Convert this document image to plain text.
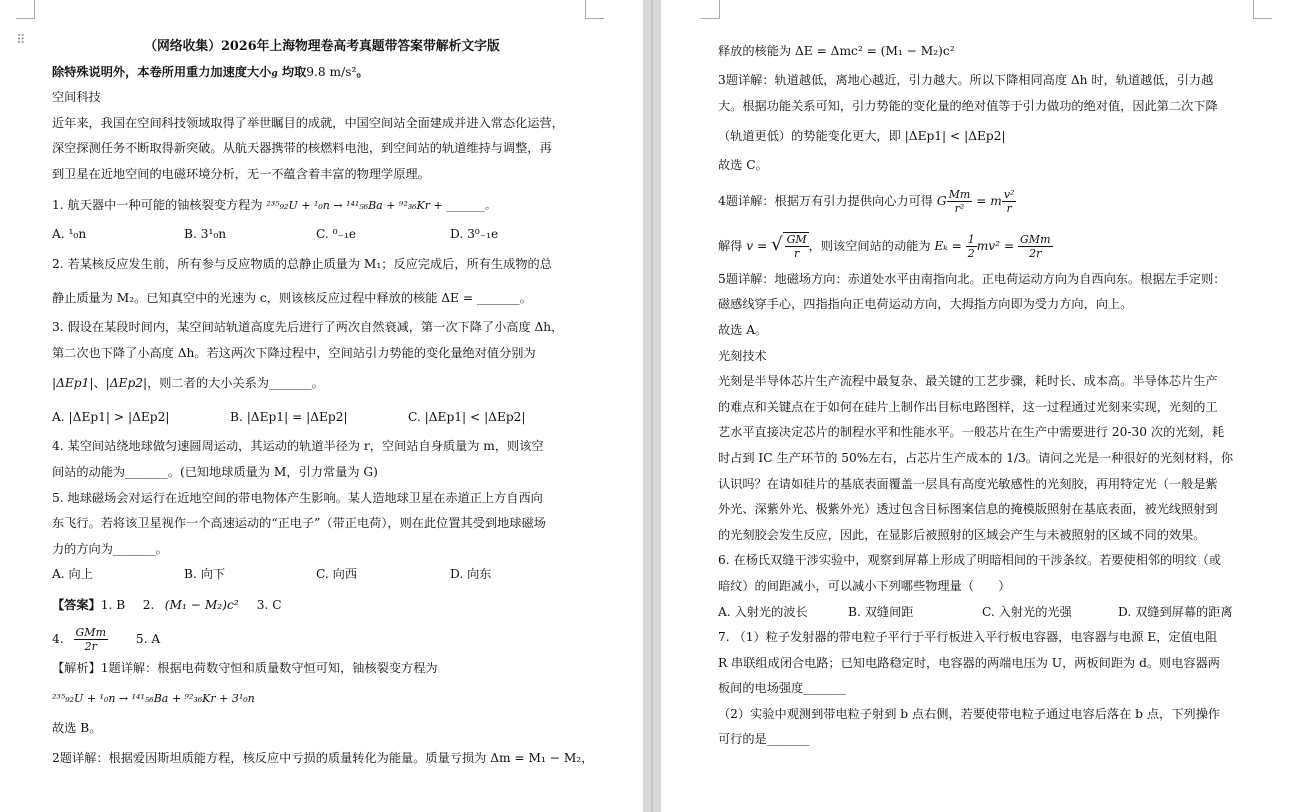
⠿	（网络收集）2026年上海物理卷高考真题带答案带解析文字版
除特殊说明外，本卷所用重力加速度大小g 均取9.8 m/s²。
空间科技
近年来，我国在空间科技领域取得了举世瞩目的成就，中国空间站全面建成并进入常态化运营，
深空探测任务不断取得新突破。从航天器携带的核燃料电池，到空间站的轨道维持与调整，再
到卫星在近地空间的电磁环境分析，无一不蕴含着丰富的物理学原理。
1. 航天器中一种可能的铀核裂变方程为 ²³⁵₉₂U + ¹₀n → ¹⁴¹₅₆Ba + ⁹²₃₆Kr + _______。
A. ¹₀n	B. 3¹₀n	C. ⁰₋₁e	D. 3⁰₋₁e
2. 若某核反应发生前，所有参与反应物质的总静止质量为 M₁；反应完成后，所有生成物的总
静止质量为 M₂。已知真空中的光速为 c，则该核反应过程中释放的核能 ΔE = _______。
3. 假设在某段时间内，某空间站轨道高度先后进行了两次自然衰减，第一次下降了小高度 Δh，
第二次也下降了小高度 Δh。若这两次下降过程中，空间站引力势能的变化量绝对值分别为
|ΔEp1|、|ΔEp2|，则二者的大小关系为_______。
A. |ΔEp1| > |ΔEp2|	B. |ΔEp1| = |ΔEp2|	C. |ΔEp1| < |ΔEp2|
4. 某空间站绕地球做匀速圆周运动，其运动的轨道半径为 r，空间站自身质量为 m，则该空
间站的动能为_______。(已知地球质量为 M，引力常量为 G)
5. 地球磁场会对运行在近地空间的带电物体产生影响。某人造地球卫星在赤道正上方自西向
东飞行。若将该卫星视作一个高速运动的“正电子”（带正电荷），则在此位置其受到地球磁场
力的方向为_______。
A. 向上	B. 向下	C. 向西	D. 向东
【答案】1. B 2. (M₁ − M₂)c² 3. C
4. $\frac{\text{GMm}}{2r} 5$. A
【解析】1题详解：根据电荷数守恒和质量数守恒可知，铀核裂变方程为
²³⁵₉₂U + ¹₀n → ¹⁴¹₅₆Ba + ⁹²₃₆Kr + 3¹₀n
故选 B。
2题详解：根据爱因斯坦质能方程，核反应中亏损的质量转化为能量。质量亏损为 Δm = M₁ − M₂，
释放的核能为 ΔE = Δmc² = (M₁ − M₂)c²
3题详解：轨道越低，离地心越近，引力越大。所以下降相同高度 Δh 时，轨道越低，引力越
大。根据功能关系可知，引力势能的变化量的绝对值等于引力做功的绝对值，因此第二次下降
（轨道更低）的势能变化更大，即 |ΔEp1| < |ΔEp2|
故选 C。
4题详解：根据万有引力提供向心力可得 G $\frac{Mm}{\text{r²}} = m \frac{\text{v²}}{r}$
解得 v = √ $\frac{GM}{r}$ ，则该空间站的动能为 $E_k = \frac{1}{2} mv^2 = \frac{\text{GMm}}{2r}$
5题详解：地磁场方向：赤道处水平由南指向北。正电荷运动方向为自西向东。根据左手定则：
磁感线穿手心，四指指向正电荷运动方向，大拇指方向即为受力方向，向上。
故选 A。
光刻技术
光刻是半导体芯片生产流程中最复杂、最关键的工艺步骤，耗时长、成本高。半导体芯片生产
的难点和关键点在于如何在硅片上制作出目标电路图样，这一过程通过光刻来实现，光刻的工
艺水平直接决定芯片的制程水平和性能水平。一般芯片在生产中需要进行 20-30 次的光刻，耗
时占到 IC 生产环节的 50%左右，占芯片生产成本的 1/3。请问之光是一种很好的光刻材料，你
认识吗？在请如硅片的基底表面覆盖一层具有高度光敏感性的光刻胶，再用特定光（一般是紫
外光、深紫外光、极紫外光）透过包含目标图案信息的掩模版照射在基底表面，被光线照射到
的光刻胶会发生反应，因此，在显影后被照射的区域会产生与未被照射的区域不同的效果。
6. 在杨氏双缝干涉实验中，观察到屏幕上形成了明暗相间的干涉条纹。若要使相邻的明纹（或
暗纹）的间距减小，可以减小下列哪些物理量（　　）
A. 入射光的波长	B. 双缝间距	C. 入射光的光强	D. 双缝到屏幕的距离
7. （1）粒子发射器的带电粒子平行于平行板进入平行板电容器，电容器与电源 E，定值电阻
R 串联组成闭合电路；已知电路稳定时，电容器的两端电压为 U，两板间距为 d。则电容器两
板间的电场强度_______
（2）实验中观测到带电粒子射到 b 点右侧，若要使带电粒子通过电容后落在 b 点，下列操作
可行的是_______
